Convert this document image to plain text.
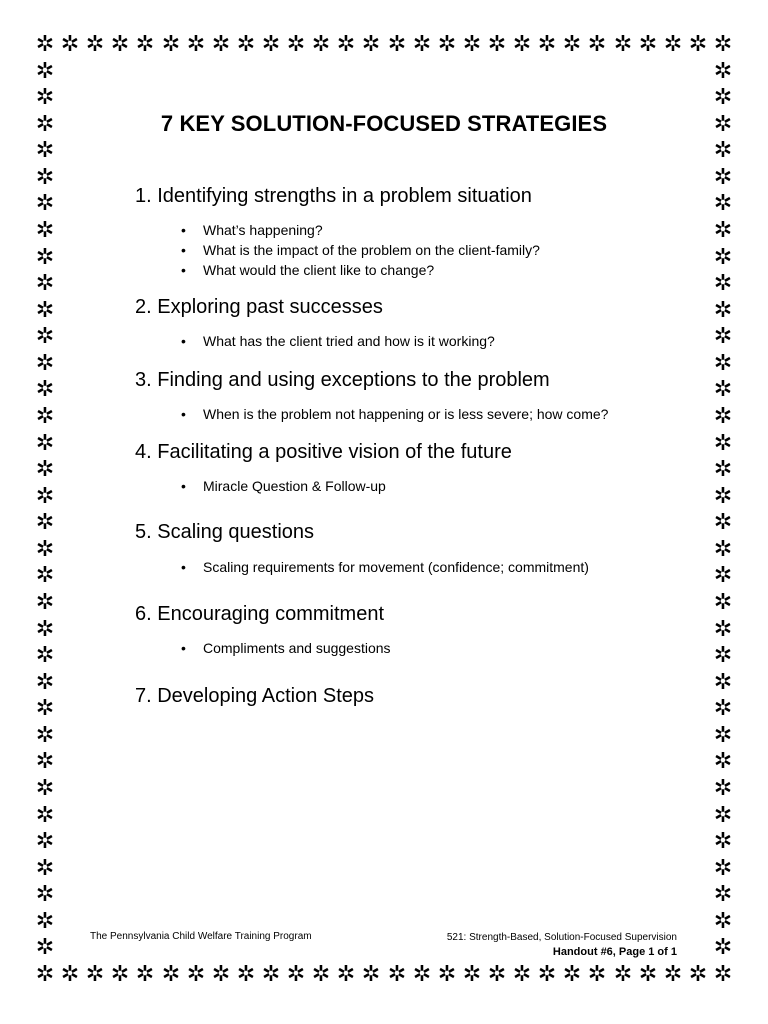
✲
✲
✲
✲
✲
✲
✲
✲
✲
✲
✲
✲
✲
✲
✲
✲
✲
✲
✲
✲
✲
✲
✲
✲
✲
✲
✲
✲
✲
✲
✲
✲
✲
✲
✲
✲
✲
✲
✲
✲
✲
✲
✲
✲
✲
✲
✲
✲
✲
✲
✲
✲
✲
✲
✲
✲
✲	✲
✲	✲
✲	✲
✲	✲
✲	✲
✲	✲
✲	✲
✲	✲
✲	✲
✲	✲
✲	✲
✲	✲
✲	✲
✲	✲
✲	✲
✲	✲
✲	✲
✲	✲
✲	✲
✲	✲
✲	✲
✲	✲
✲	✲
✲	✲
✲	✲
✲	✲
✲	✲
✲	✲
✲	✲
✲	✲
✲	✲
✲	✲
✲	✲
✲	✲
7 KEY SOLUTION-FOCUSED STRATEGIES
1. Identifying strengths in a problem situation
• What’s happening?
• What is the impact of the problem on the client-family?
• What would the client like to change?
2. Exploring past successes
• What has the client tried and how is it working?
3. Finding and using exceptions to the problem
• When is the problem not happening or is less severe; how come?
4. Facilitating a positive vision of the future
• Miracle Question & Follow-up
5. Scaling questions
• Scaling requirements for movement (confidence; commitment)
6. Encouraging commitment
• Compliments and suggestions
7. Developing Action Steps
The Pennsylvania Child Welfare Training Program	521: Strength-Based, Solution-Focused Supervision
Handout #6, Page 1 of 1
